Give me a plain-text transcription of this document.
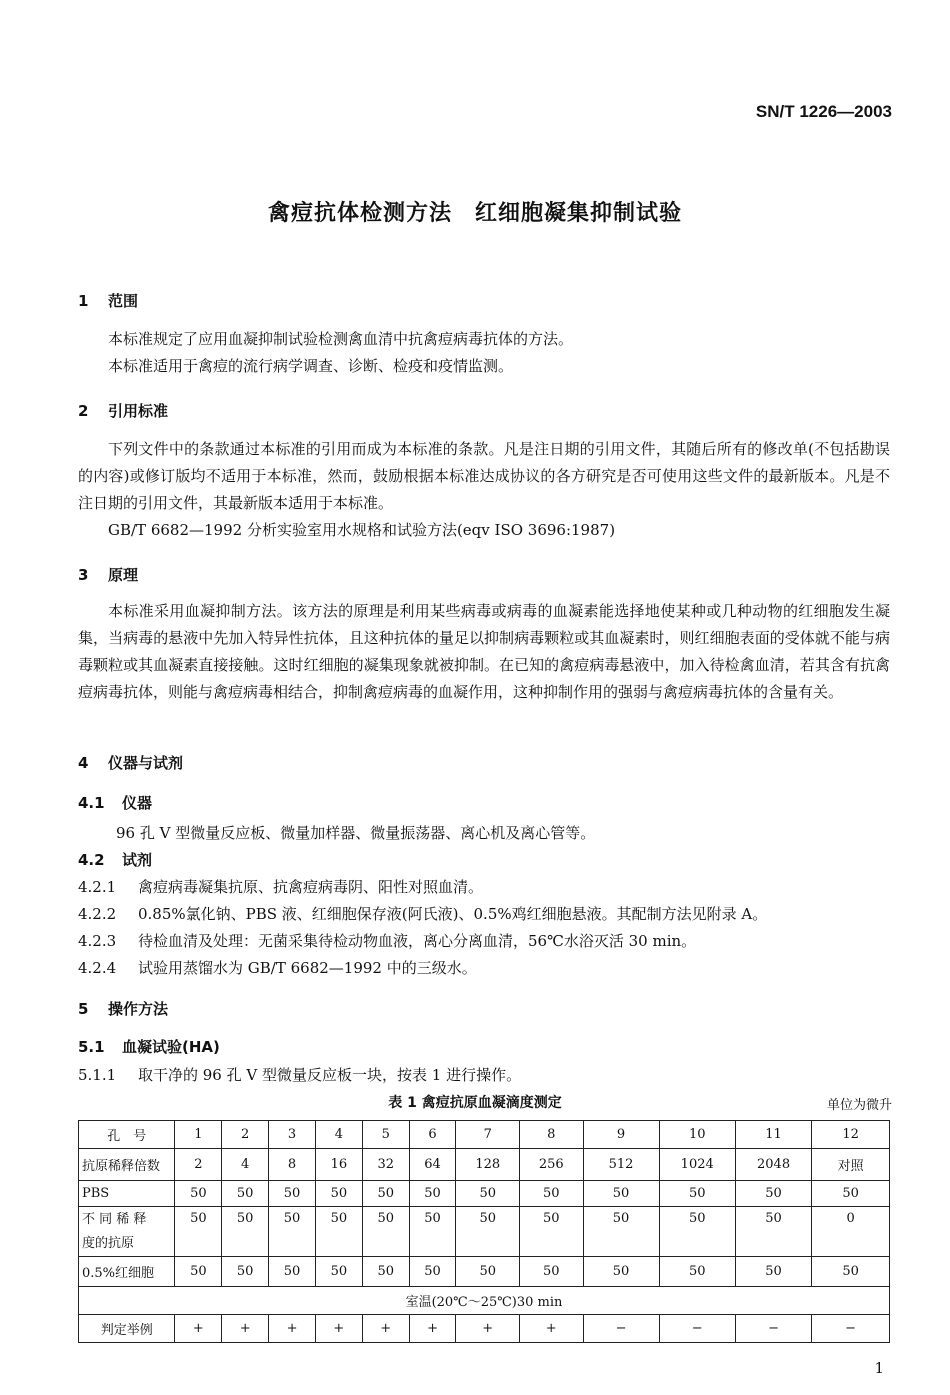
SN/T 1226—2003
禽痘抗体检测方法　红细胞凝集抑制试验
1 范围
本标准规定了应用血凝抑制试验检测禽血清中抗禽痘病毒抗体的方法。
本标准适用于禽痘的流行病学调查、诊断、检疫和疫情监测。
2 引用标准
下列文件中的条款通过本标准的引用而成为本标准的条款。凡是注日期的引用文件，其随后所有的修改单(不包括勘误的内容)或修订版均不适用于本标准，然而，鼓励根据本标准达成协议的各方研究是否可使用这些文件的最新版本。凡是不注日期的引用文件，其最新版本适用于本标准。
GB/T 6682—1992 分析实验室用水规格和试验方法(eqv ISO 3696:1987)
3 原理
本标准采用血凝抑制方法。该方法的原理是利用某些病毒或病毒的血凝素能选择地使某种或几种动物的红细胞发生凝集，当病毒的悬液中先加入特异性抗体，且这种抗体的量足以抑制病毒颗粒或其血凝素时，则红细胞表面的受体就不能与病毒颗粒或其血凝素直接接触。这时红细胞的凝集现象就被抑制。在已知的禽痘病毒悬液中，加入待检禽血清，若其含有抗禽痘病毒抗体，则能与禽痘病毒相结合，抑制禽痘病毒的血凝作用，这种抑制作用的强弱与禽痘病毒抗体的含量有关。
4 仪器与试剂
4.1 仪器
96 孔 V 型微量反应板、微量加样器、微量振荡器、离心机及离心管等。
4.2 试剂
4.2.1 禽痘病毒凝集抗原、抗禽痘病毒阴、阳性对照血清。
4.2.2 0.85%氯化钠、PBS 液、红细胞保存液(阿氏液)、0.5%鸡红细胞悬液。其配制方法见附录 A。
4.2.3 待检血清及处理：无菌采集待检动物血液，离心分离血清，56℃水浴灭活 30 min。
4.2.4 试验用蒸馏水为 GB/T 6682—1992 中的三级水。
5 操作方法
5.1 血凝试验(HA)
5.1.1 取干净的 96 孔 V 型微量反应板一块，按表 1 进行操作。
表 1 禽痘抗原血凝滴度测定	单位为微升
孔　号	1	2	3	4	5	6	7	8	9	10	11	12
抗原稀释倍数	2	4	8	16	32	64	128	256	512	1024	2048	对照
PBS	50	50	50	50	50	50	50	50	50	50	50	50

不 同 稀 释
度的抗原	50	50	50	50	50	50	50	50	50	50	50	0
0.5%红细胞	50	50	50	50	50	50	50	50	50	50	50	50
室温(20℃～25℃)30 min												
判定举例	+	+	+	+	+	+	+	+	−	−	−	−
1
